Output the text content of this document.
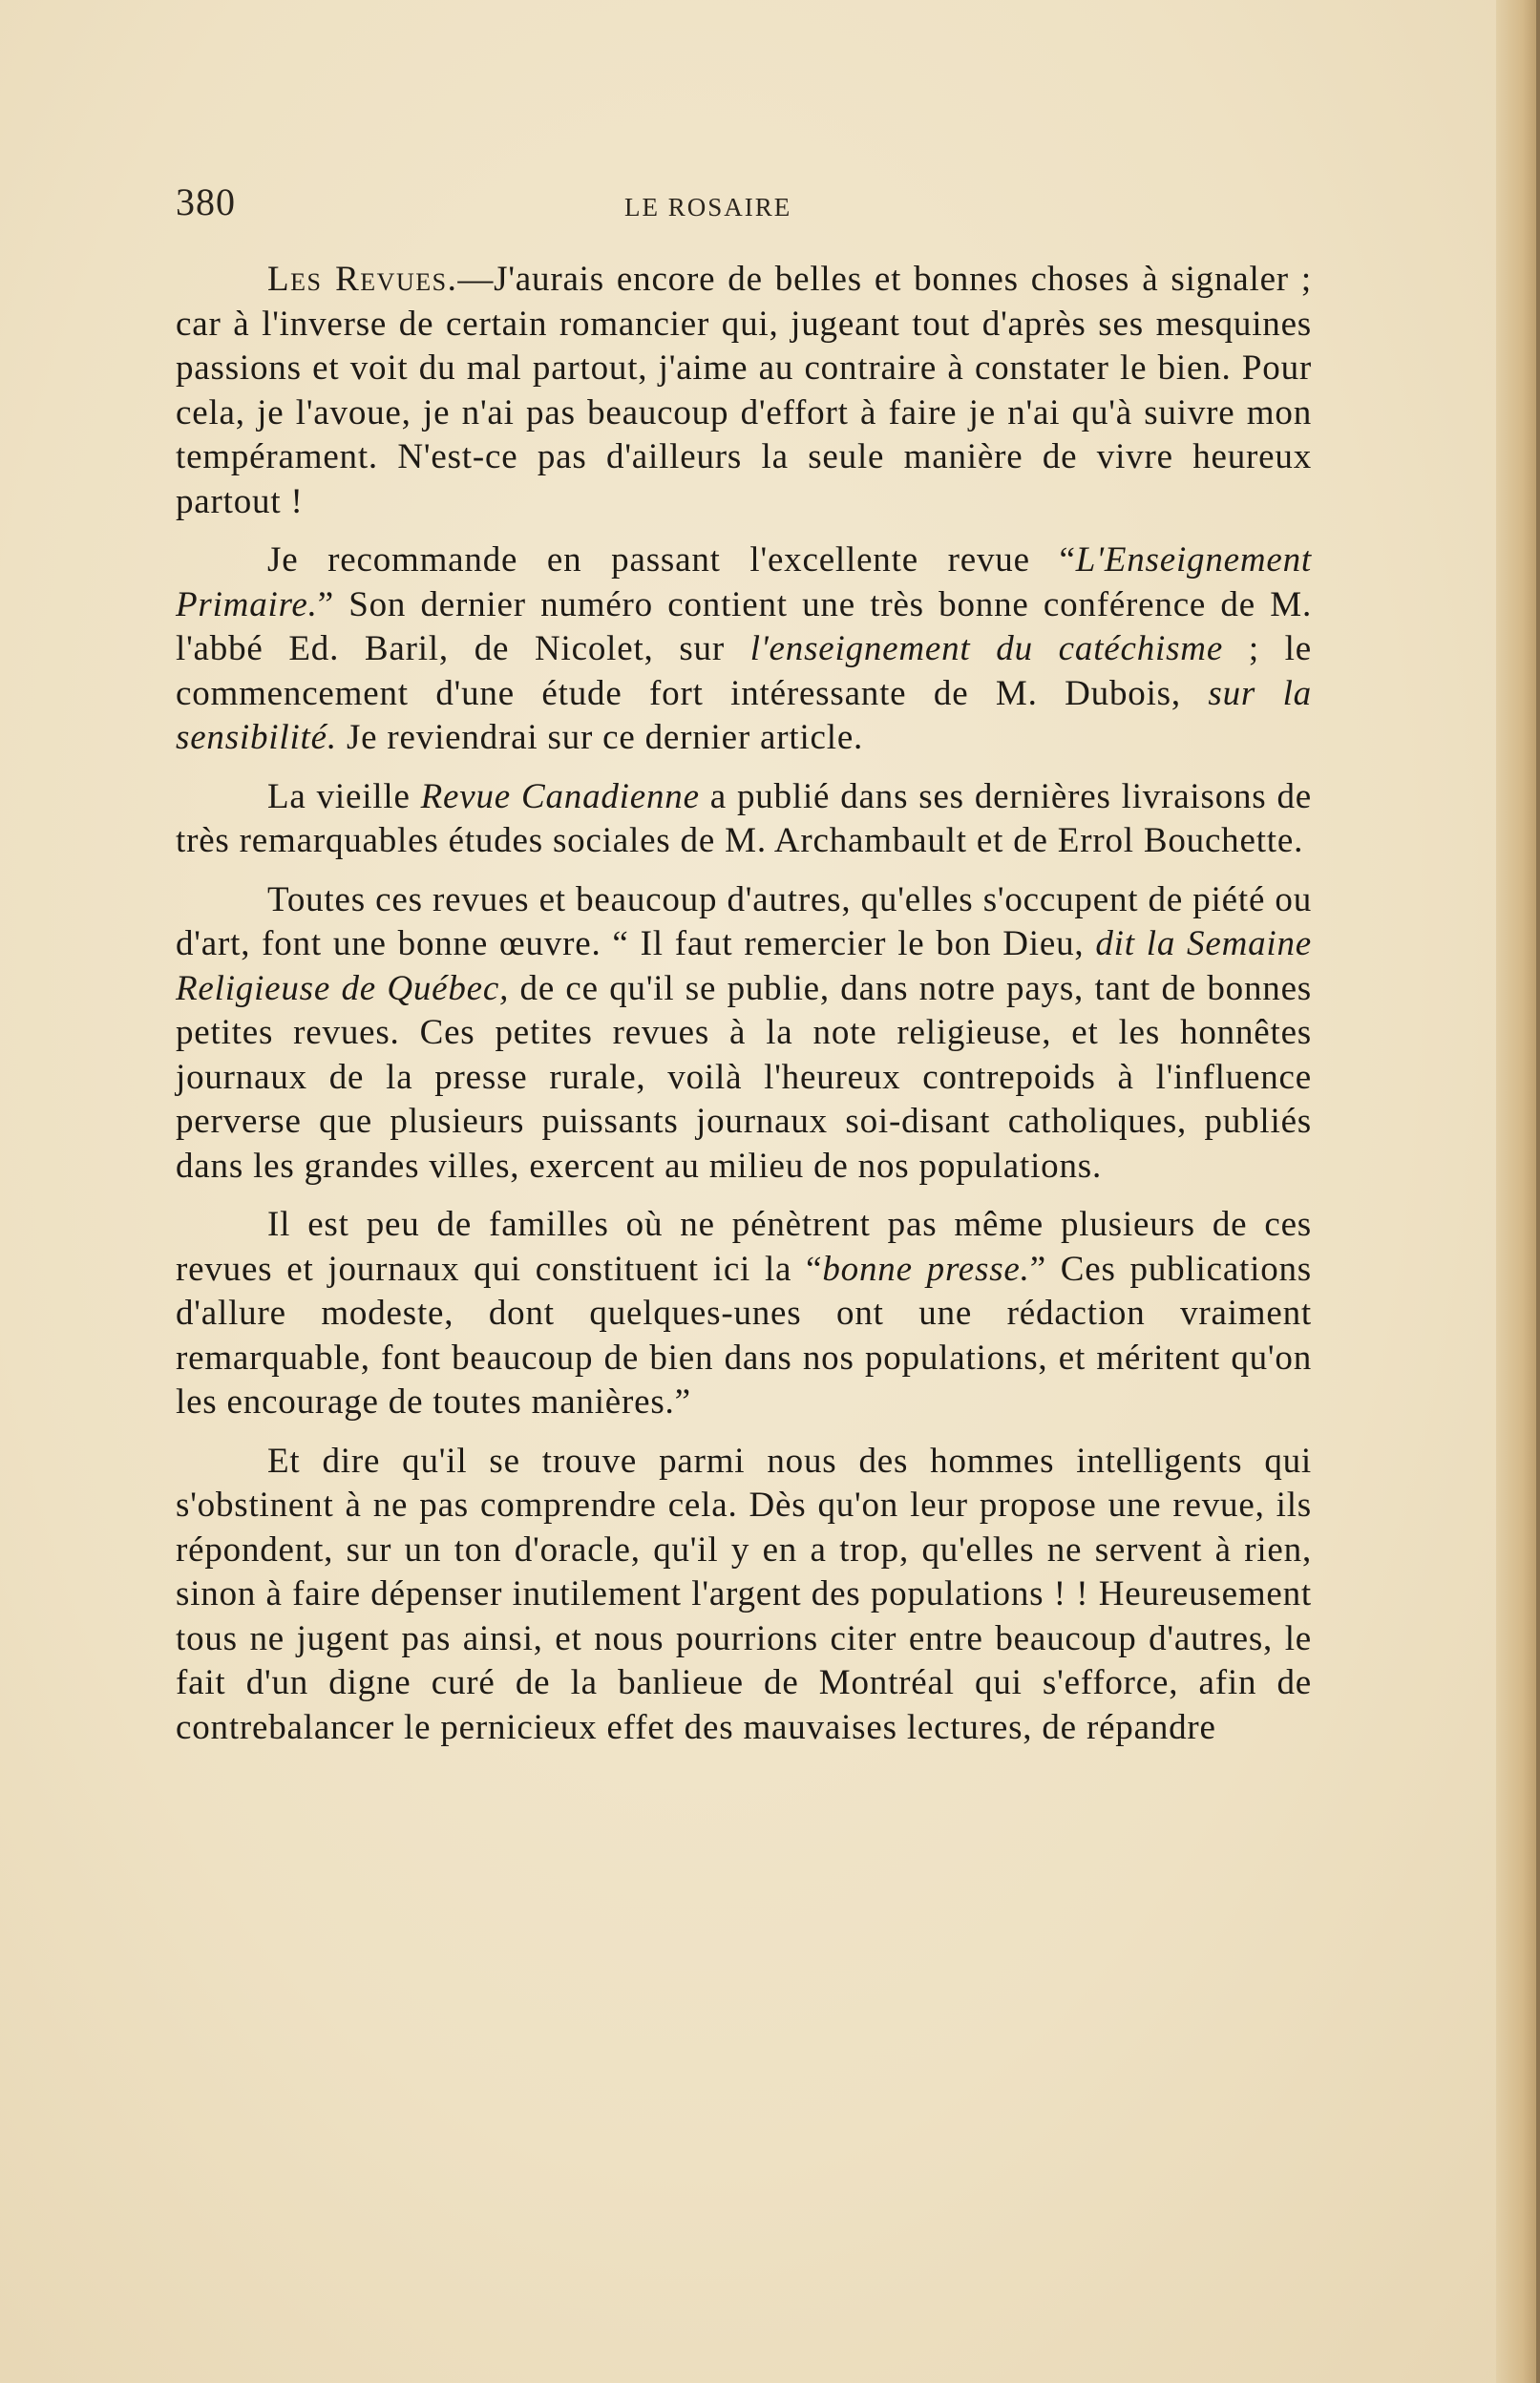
380	LE ROSAIRE

Les Revues.—J'aurais encore de belles et bonnes choses à signaler ; car à l'inverse de certain romancier qui, jugeant tout d'après ses mesquines passions et voit du mal partout, j'aime au contraire à constater le bien. Pour cela, je l'avoue, je n'ai pas beaucoup d'effort à faire je n'ai qu'à suivre mon tempérament. N'est-ce pas d'ailleurs la seule manière de vivre heureux partout !

Je recommande en passant l'excellente revue “L'Enseignement Primaire.” Son dernier numéro contient une très bonne conférence de M. l'abbé Ed. Baril, de Nicolet, sur l'enseignement du catéchisme ; le commencement d'une étude fort intéressante de M. Dubois, sur la sensibilité. Je reviendrai sur ce dernier article.

La vieille Revue Canadienne a publié dans ses dernières livraisons de très remarquables études sociales de M. Archambault et de Errol Bouchette.

Toutes ces revues et beaucoup d'autres, qu'elles s'occupent de piété ou d'art, font une bonne œuvre. “ Il faut remercier le bon Dieu, dit la Semaine Religieuse de Québec, de ce qu'il se publie, dans notre pays, tant de bonnes petites revues. Ces petites revues à la note religieuse, et les honnêtes journaux de la presse rurale, voilà l'heureux contrepoids à l'influence perverse que plusieurs puissants journaux soi-disant catholiques, publiés dans les grandes villes, exercent au milieu de nos populations.

Il est peu de familles où ne pénètrent pas même plusieurs de ces revues et journaux qui constituent ici la “bonne presse.” Ces publications d'allure modeste, dont quelques-unes ont une rédaction vraiment remarquable, font beaucoup de bien dans nos populations, et méritent qu'on les encourage de toutes manières.”

Et dire qu'il se trouve parmi nous des hommes intelligents qui s'obstinent à ne pas comprendre cela. Dès qu'on leur propose une revue, ils répondent, sur un ton d'oracle, qu'il y en a trop, qu'elles ne servent à rien, sinon à faire dépenser inutilement l'argent des populations ! ! Heureusement tous ne jugent pas ainsi, et nous pourrions citer entre beaucoup d'autres, le fait d'un digne curé de la banlieue de Montréal qui s'efforce, afin de contrebalancer le pernicieux effet des mauvaises lectures, de répandre
